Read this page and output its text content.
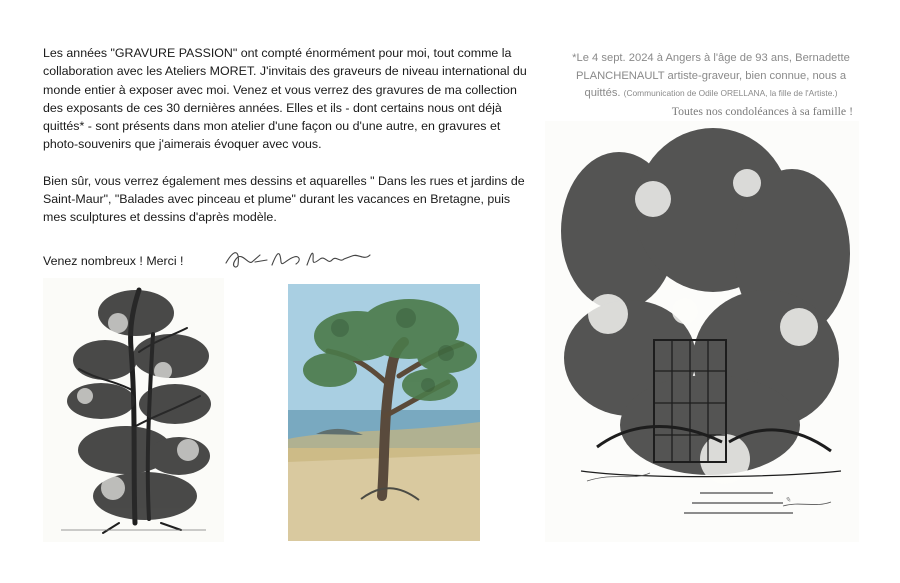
Les années "GRAVURE PASSION" ont compté énormément pour moi, tout comme la collaboration avec les Ateliers MORET. J'invitais des graveurs de niveau international du monde entier à exposer avec moi. Venez et vous verrez des gravures de ma collection des exposants de ces 30 dernières années. Elles et ils - dont certains nous ont déjà quittés* - sont présents dans mon atelier d'une façon ou d'une autre, en gravures et photo-souvenirs que j'aimerais évoquer avec vous.

Bien sûr, vous verrez également mes dessins et aquarelles " Dans les rues et jardins de Saint-Maur", "Balades avec pinceau et plume" durant les vacances en Bretagne, puis mes sculptures et dessins d'après modèle.

Venez nombreux ! Merci !
*Le 4 sept. 2024 à Angers à l'âge de 93 ans, Bernadette PLANCHENAULT artiste-graveur, bien connue, nous a quittés. (Communication de Odile ORELLANA, la fille de l'Artiste.)
Toutes nos condoléances à sa famille !
✎
